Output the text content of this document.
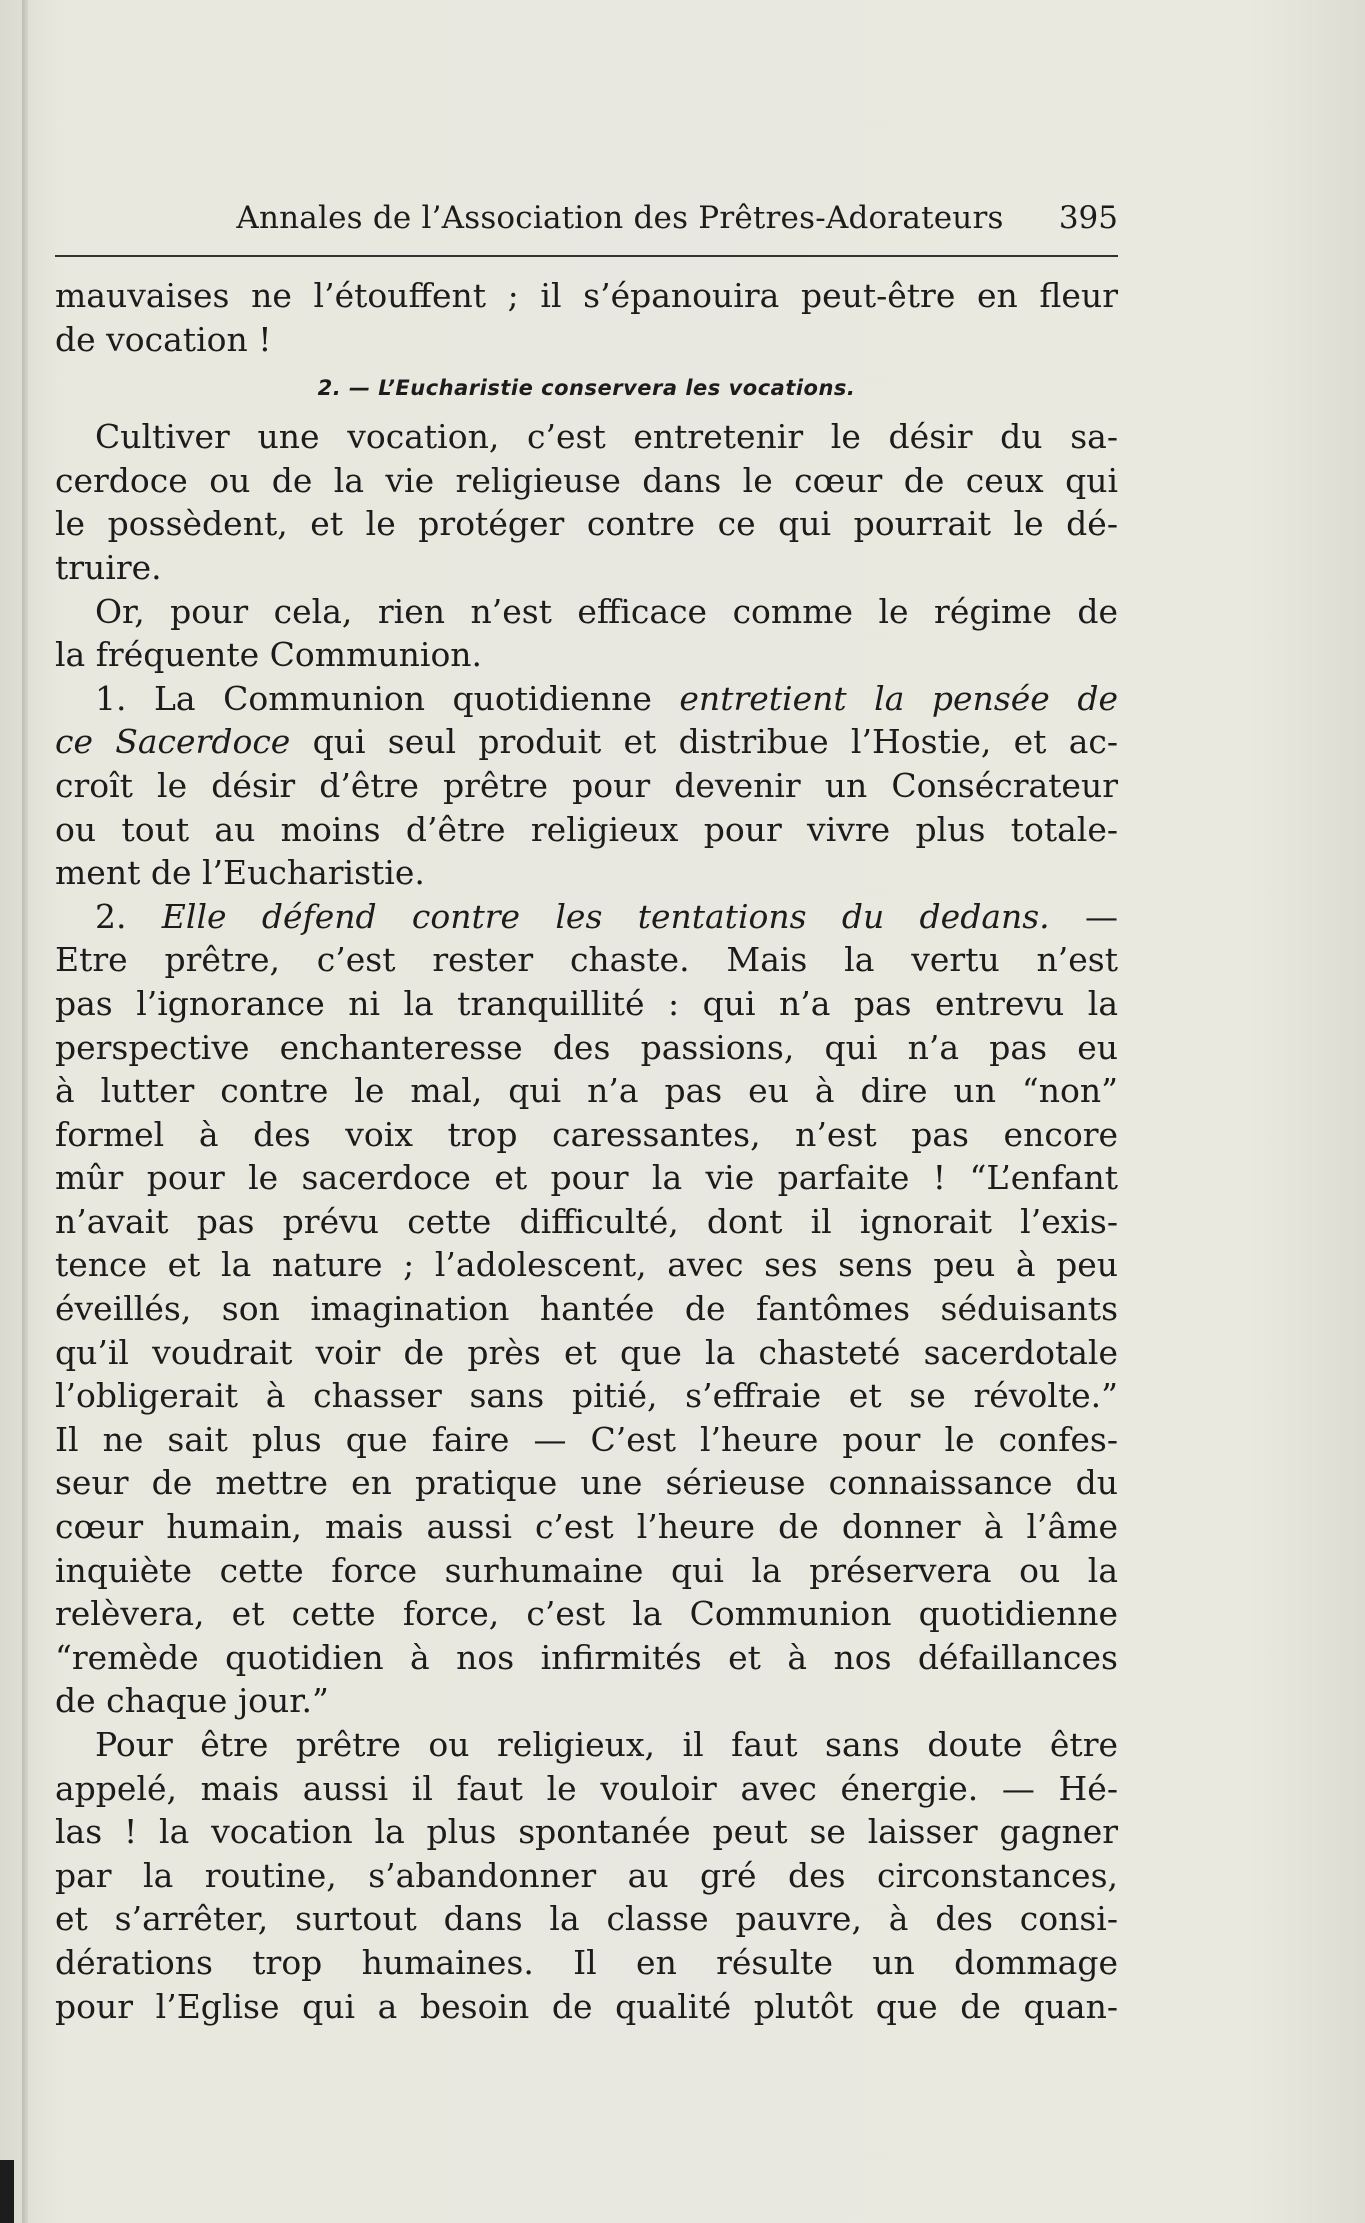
Annales de l’Association des Prêtres-Adorateurs	395
mauvaises ne l’étouffent ; il s’épanouira peut-être en fleur
de vocation !
2. — L’Eucharistie conservera les vocations.
Cultiver une vocation, c’est entretenir le désir du sa-
cerdoce ou de la vie religieuse dans le cœur de ceux qui
le possèdent, et le protéger contre ce qui pourrait le dé-
truire.
Or, pour cela, rien n’est efficace comme le régime de
la fréquente Communion.
1. La Communion quotidienne entretient la pensée de
ce Sacerdoce qui seul produit et distribue l’Hostie, et ac-
croît le désir d’être prêtre pour devenir un Consécrateur
ou tout au moins d’être religieux pour vivre plus totale-
ment de l’Eucharistie.
2. Elle défend contre les tentations du dedans. —
Etre prêtre, c’est rester chaste. Mais la vertu n’est
pas l’ignorance ni la tranquillité : qui n’a pas entrevu la
perspective enchanteresse des passions, qui n’a pas eu
à lutter contre le mal, qui n’a pas eu à dire un “non”
formel à des voix trop caressantes, n’est pas encore
mûr pour le sacerdoce et pour la vie parfaite ! “L’enfant
n’avait pas prévu cette difficulté, dont il ignorait l’exis-
tence et la nature ; l’adolescent, avec ses sens peu à peu
éveillés, son imagination hantée de fantômes séduisants
qu’il voudrait voir de près et que la chasteté sacerdotale
l’obligerait à chasser sans pitié, s’effraie et se révolte.”
Il ne sait plus que faire — C’est l’heure pour le confes-
seur de mettre en pratique une sérieuse connaissance du
cœur humain, mais aussi c’est l’heure de donner à l’âme
inquiète cette force surhumaine qui la préservera ou la
relèvera, et cette force, c’est la Communion quotidienne
“remède quotidien à nos infirmités et à nos défaillances
de chaque jour.”
Pour être prêtre ou religieux, il faut sans doute être
appelé, mais aussi il faut le vouloir avec énergie. — Hé-
las ! la vocation la plus spontanée peut se laisser gagner
par la routine, s’abandonner au gré des circonstances,
et s’arrêter, surtout dans la classe pauvre, à des consi-
dérations trop humaines. Il en résulte un dommage
pour l’Eglise qui a besoin de qualité plutôt que de quan-
